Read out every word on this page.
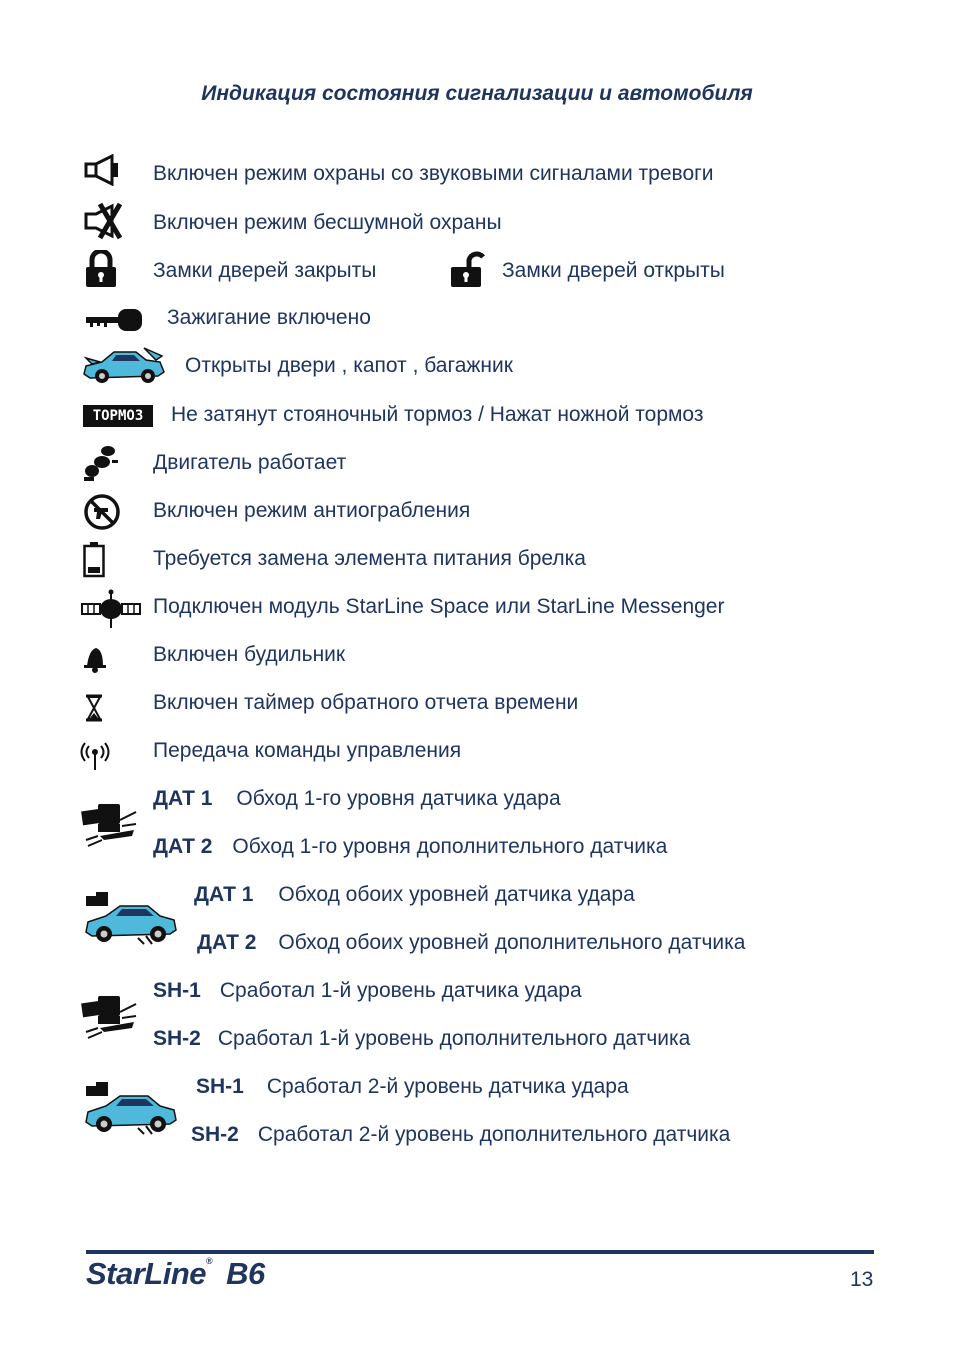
Индикация состояния сигнализации и автомобиля
Включен режим охраны со звуковыми сигналами тревоги
Включен режим бесшумной охраны
Замки дверей закрыты	Замки дверей открыты
Зажигание включено
Открыты двери , капот , багажник
ТОРМОЗ	Не затянут стояночный тормоз / Нажат ножной тормоз
Двигатель работает
Включен режим антиограбления
Требуется замена элемента питания брелка
Подключен модуль StarLine Space или StarLine Messenger
Включен будильник
Включен таймер обратного отчета времени
Передача команды управления
ДАТ 1 Обход 1-го уровня датчика удара
ДАТ 2 Обход 1-го уровня дополнительного датчика
ДАТ 1 Обход обоих уровней датчика удара
ДАТ 2 Обход обоих уровней дополнительного датчика
SH-1 Сработал 1-й уровень датчика удара
SH-2 Сработал 1-й уровень дополнительного датчика
SH-1 Сработал 2-й уровень датчика удара
SH-2 Сработал 2-й уровень дополнительного датчика
StarLine® B6	13
